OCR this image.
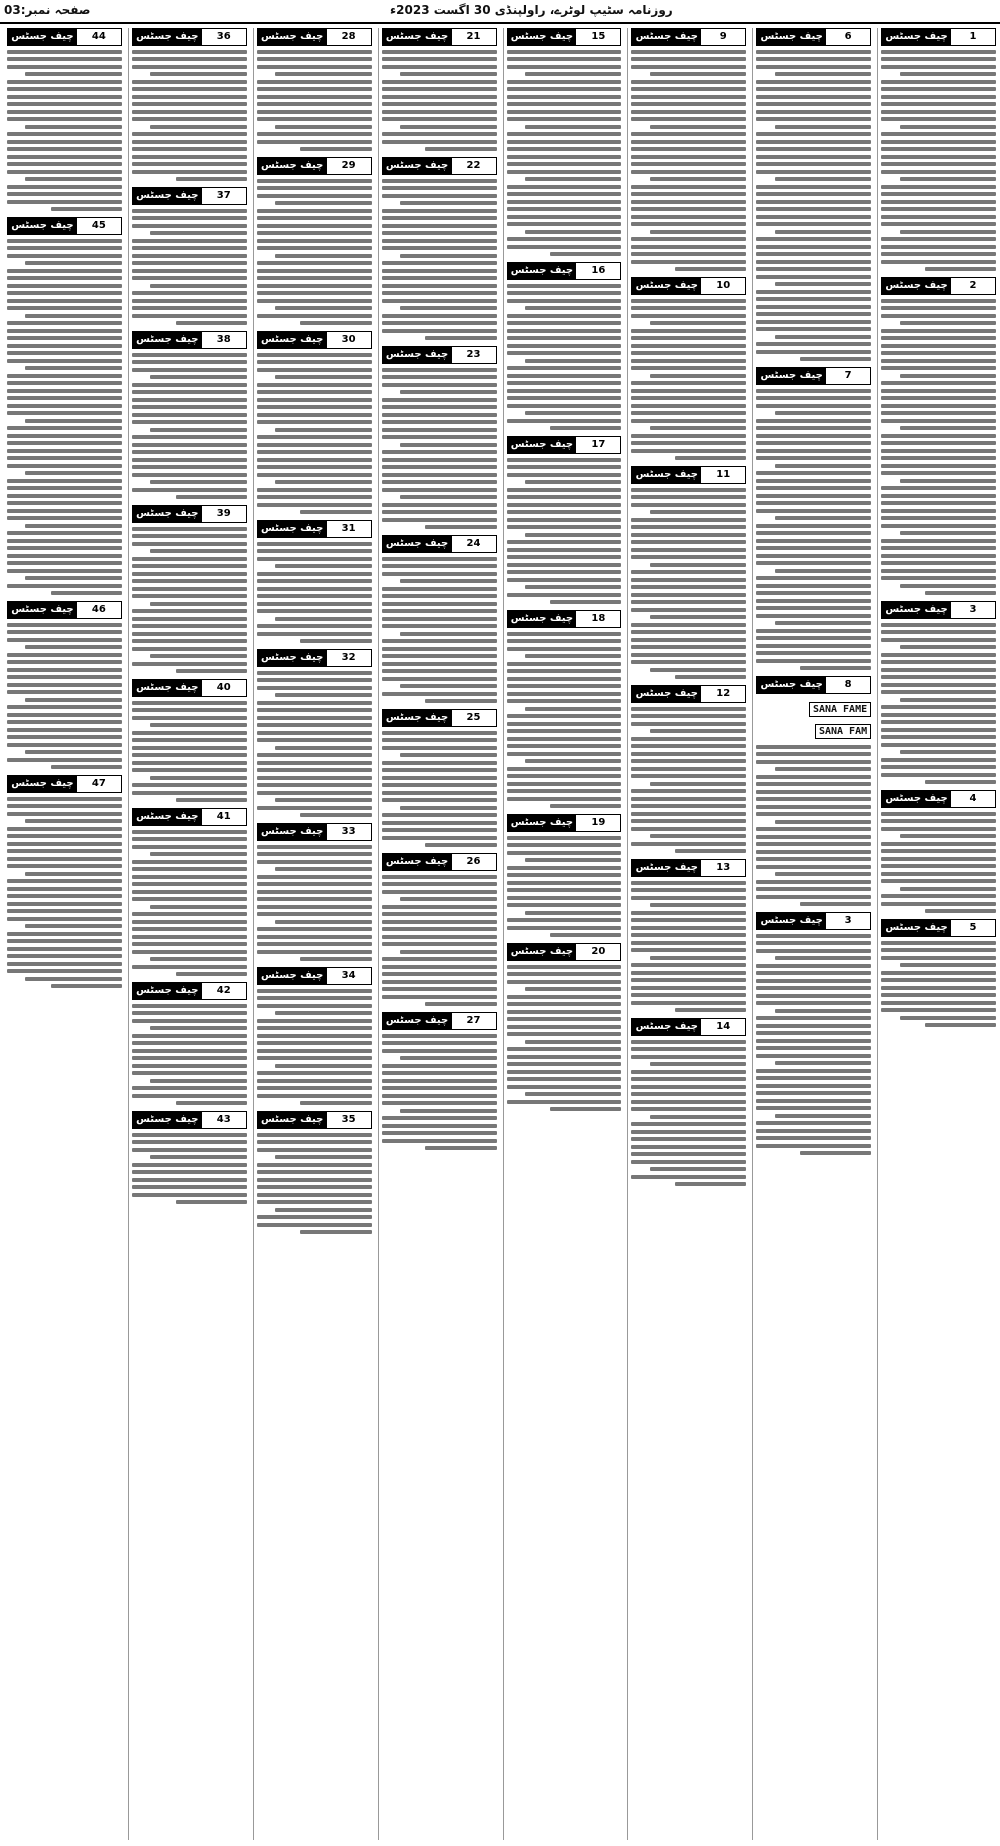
صفحہ نمبر:03	روزنامہ سٹیپ لوٹرے، راولپنڈی 30 اگست 2023ء
1
چیف جسٹس
2
چیف جسٹس
3
چیف جسٹس
4
چیف جسٹس
5
چیف جسٹس
6
چیف جسٹس
7
چیف جسٹس
8
چیف جسٹس
SANA FAMESANA FAM
3
چیف جسٹس
9
چیف جسٹس
10
چیف جسٹس
11
چیف جسٹس
12
چیف جسٹس
13
چیف جسٹس
14
چیف جسٹس
15
چیف جسٹس
16
چیف جسٹس
17
چیف جسٹس
18
چیف جسٹس
19
چیف جسٹس
20
چیف جسٹس
21
چیف جسٹس
22
چیف جسٹس
23
چیف جسٹس
24
چیف جسٹس
25
چیف جسٹس
26
چیف جسٹس
27
چیف جسٹس
28
چیف جسٹس
29
چیف جسٹس
30
چیف جسٹس
31
چیف جسٹس
32
چیف جسٹس
33
چیف جسٹس
34
چیف جسٹس
35
چیف جسٹس
36
چیف جسٹس
37
چیف جسٹس
38
چیف جسٹس
39
چیف جسٹس
40
چیف جسٹس
41
چیف جسٹس
42
چیف جسٹس
43
چیف جسٹس
44
چیف جسٹس
45
چیف جسٹس
46
چیف جسٹس
47
چیف جسٹس
